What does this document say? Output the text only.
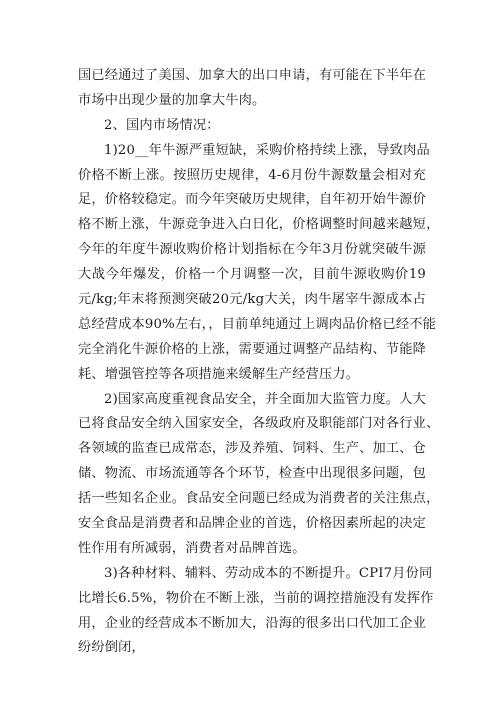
国已经通过了美国、加拿大的出口申请，有可能在下半年在
市场中出现少量的加拿大牛肉。
2、国内市场情况：
1)20__年牛源严重短缺，采购价格持续上涨，导致肉品
价格不断上涨。按照历史规律，4-6月份牛源数量会相对充
足，价格较稳定。而今年突破历史规律，自年初开始牛源价
格不断上涨，牛源竞争进入白日化，价格调整时间越来越短，
今年的年度牛源收购价格计划指标在今年3月份就突破牛源
大战今年爆发，价格一个月调整一次，目前牛源收购价19
元/kg;年末将预测突破20元/kg大关，肉牛屠宰牛源成本占
总经营成本90%左右，，目前单纯通过上调肉品价格已经不能
完全消化牛源价格的上涨，需要通过调整产品结构、节能降
耗、增强管控等各项措施来缓解生产经营压力。
2)国家高度重视食品安全，并全面加大监管力度。人大
已将食品安全纳入国家安全，各级政府及职能部门对各行业、
各领域的监查已成常态，涉及养殖、饲料、生产、加工、仓
储、物流、市场流通等各个环节，检查中出现很多问题，包
括一些知名企业。食品安全问题已经成为消费者的关注焦点，
安全食品是消费者和品牌企业的首选，价格因素所起的决定
性作用有所减弱，消费者对品牌首选。
3)各种材料、辅料、劳动成本的不断提升。CPI7月份同
比增长6.5%，物价在不断上涨，当前的调控措施没有发挥作
用，企业的经营成本不断加大，沿海的很多出口代加工企业
纷纷倒闭，
